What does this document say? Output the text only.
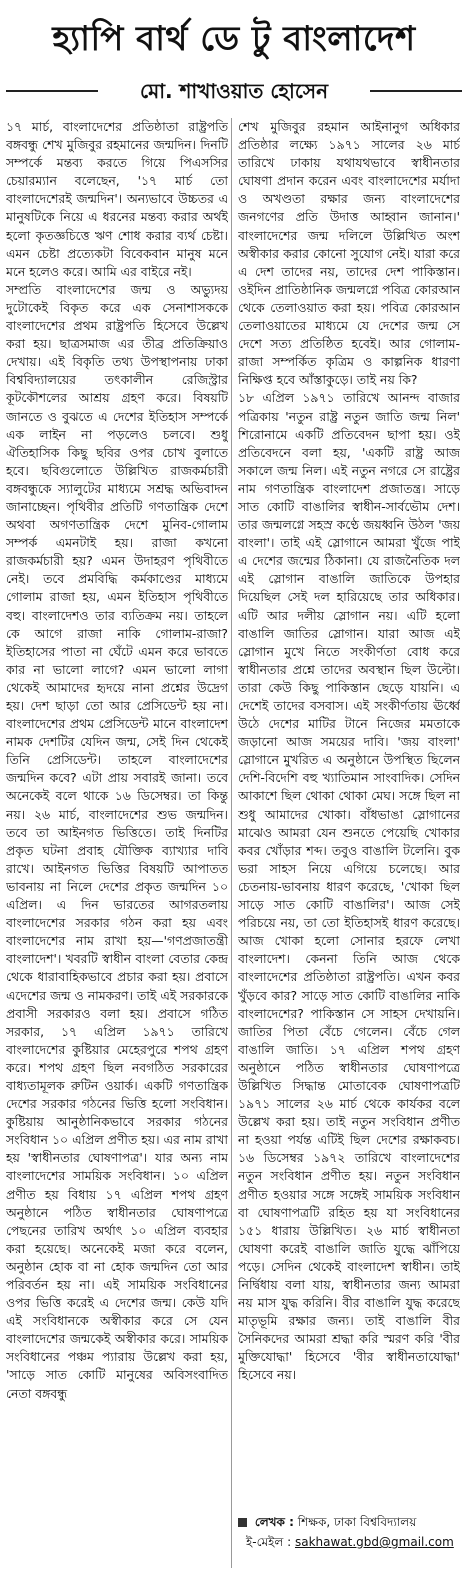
হ্যাপি বার্থ ডে টু বাংলাদেশ
মো. শাখাওয়াত হোসেন

১৭ মার্চ, বাংলাদেশের প্রতিষ্ঠাতা রাষ্ট্রপতি বঙ্গবন্ধু শেখ মুজিবুর রহমানের জন্মদিন। দিনটি সম্পর্কে মন্তব্য করতে গিয়ে পিএসসির চেয়ারম্যান বলেছেন, '১৭ মার্চ তো বাংলাদেশেরই জন্মদিন'। অন্যভাবে উচ্চতর এ মানুষটিকে নিয়ে এ ধরনের মন্তব্য করার অর্থই হলো কৃতজ্ঞচিত্তে ঋণ শোধ করার ব্যর্থ চেষ্টা। এমন চেষ্টা প্রত্যেকটা বিবেকবান মানুষ মনে মনে হলেও করে। আমি এর বাইরে নই।

সম্প্রতি বাংলাদেশের জন্ম ও অভ্যুদয় দুটোকেই বিকৃত করে এক সেনাশাসককে বাংলাদেশের প্রথম রাষ্ট্রপতি হিসেবে উল্লেখ করা হয়। ছাত্রসমাজ এর তীব্র প্রতিক্রিয়াও দেখায়। এই বিকৃতি তথ্য উপস্থাপনায় ঢাকা বিশ্ববিদ্যালয়ের তৎকালীন রেজিস্ট্রার কূটকৌশলের আশ্রয় গ্রহণ করে। বিষয়টি জানতে ও বুঝতে এ দেশের ইতিহাস সম্পর্কে এক লাইন না পড়লেও চলবে। শুধু ঐতিহাসিক কিছু ছবির ওপর চোখ বুলাতে হবে। ছবিগুলোতে উল্লিখিত রাজকর্মচারী বঙ্গবন্ধুকে স্যালুটের মাধ্যমে সশ্রদ্ধ অভিবাদন জানাচ্ছেন। পৃথিবীর প্রতিটি গণতান্ত্রিক দেশে অথবা অগণতান্ত্রিক দেশে মুনিব-গোলাম সম্পর্ক এমনটাই হয়। রাজা কখনো রাজকর্মচারী হয়? এমন উদাহরণ পৃথিবীতে নেই। তবে প্রমবিদ্ধি কর্মকাণ্ডের মাধ্যমে গোলাম রাজা হয়, এমন ইতিহাস পৃথিবীতে বহু। বাংলাদেশও তার ব্যতিক্রম নয়। তাহলে কে আগে রাজা নাকি গোলাম-রাজা? ইতিহাসের পাতা না ঘেঁটে এমন করে ভাবতে কার না ভালো লাগে? এমন ভালো লাগা থেকেই আমাদের হৃদয়ে নানা প্রশ্নের উদ্রেগ হয়। দেশ ছাড়া তো আর প্রেসিডেন্ট হয় না। বাংলাদেশের প্রথম প্রেসিডেন্ট মানে বাংলাদেশ নামক দেশটির যেদিন জন্ম, সেই দিন থেকেই তিনি প্রেসিডেন্ট। তাহলে বাংলাদেশের জন্মদিন কবে? এটা প্রায় সবারই জানা। তবে অনেকেই বলে থাকে ১৬ ডিসেম্বর। তা কিন্তু নয়। ২৬ মার্চ, বাংলাদেশের শুভ জন্মদিন। তবে তা আইনগত ভিত্তিতে। তাই দিনটির প্রকৃত ঘটনা প্রবাহ যৌক্তিক ব্যাখ্যার দাবি রাখে। আইনগত ভিত্তির বিষয়টি আপাতত ভাবনায় না নিলে দেশের প্রকৃত জন্মদিন ১০ এপ্রিল। এ দিন ভারতের আগরতলায় বাংলাদেশের সরকার গঠন করা হয় এবং বাংলাদেশের নাম রাখা হয়—'গণপ্রজাতন্ত্রী বাংলাদেশ'। খবরটি স্বাধীন বাংলা বেতার কেন্দ্র থেকে ধারাবাহিকভাবে প্রচার করা হয়। প্রবাসে এদেশের জন্ম ও নামকরণ। তাই এই সরকারকে প্রবাসী সরকারও বলা হয়। প্রবাসে গঠিত সরকার, ১৭ এপ্রিল ১৯৭১ তারিখে বাংলাদেশের কুষ্টিয়ার মেহেরপুরে শপথ গ্রহণ করে। শপথ গ্রহণ ছিল নবগঠিত সরকারের বাধ্যতামূলক রুটিন ওয়ার্ক। একটি গণতান্ত্রিক দেশের সরকার গঠনের ভিত্তি হলো সংবিধান। কুষ্টিয়ায় আনুষ্ঠানিকভাবে সরকার গঠনের সংবিধান ১০ এপ্রিল প্রণীত হয়। এর নাম রাখা হয় 'স্বাধীনতার ঘোষণাপত্র'। যার অন্য নাম বাংলাদেশের সাময়িক সংবিধান। ১০ এপ্রিল প্রণীত হয় বিধায় ১৭ এপ্রিল শপথ গ্রহণ অনুষ্ঠানে পঠিত স্বাধীনতার ঘোষণাপত্রে পেছনের তারিখ অর্থাৎ ১০ এপ্রিল ব্যবহার করা হয়েছে। অনেকেই মজা করে বলেন, অনুষ্ঠান হোক বা না হোক জন্মদিন তো আর পরিবর্তন হয় না। এই সাময়িক সংবিধানের ওপর ভিত্তি করেই এ দেশের জন্ম। কেউ যদি এই সংবিধানকে অস্বীকার করে সে যেন বাংলাদেশের জন্মকেই অস্বীকার করে। সাময়িক সংবিধানের পঞ্চম প্যারায় উল্লেখ করা হয়, 'সাড়ে সাত কোটি মানুষের অবিসংবাদিত নেতা বঙ্গবন্ধু

শেখ মুজিবুর রহমান আইনানুগ অধিকার প্রতিষ্ঠার লক্ষ্যে ১৯৭১ সালের ২৬ মার্চ তারিখে ঢাকায় যথাযথভাবে স্বাধীনতার ঘোষণা প্রদান করেন এবং বাংলাদেশের মর্যাদা ও অখণ্ডতা রক্ষার জন্য বাংলাদেশের জনগণের প্রতি উদাত্ত আহ্বান জানান।' বাংলাদেশের জন্ম দলিলে উল্লিখিত অংশ অস্বীকার করার কোনো সুযোগ নেই। যারা করে এ দেশ তাদের নয়, তাদের দেশ পাকিস্তান। ওইদিন প্রাতিষ্ঠানিক জন্মলগ্নে পবিত্র কোরআন থেকে তেলাওয়াত করা হয়। পবিত্র কোরআন তেলাওয়াতের মাধ্যমে যে দেশের জন্ম সে দেশে সত্য প্রতিষ্ঠিত হবেই। আর গোলাম-রাজা সম্পর্কিত কৃত্রিম ও কাল্পনিক ধারণা নিক্ষিপ্ত হবে আঁস্তাকুড়ে। তাই নয় কি?

১৮ এপ্রিল ১৯৭১ তারিখে আনন্দ বাজার পত্রিকায় 'নতুন রাষ্ট্র নতুন জাতি জন্ম নিল' শিরোনামে একটি প্রতিবেদন ছাপা হয়। ওই প্রতিবেদনে বলা হয়, 'একটি রাষ্ট্র আজ সকালে জন্ম নিল। এই নতুন নগরে সে রাষ্ট্রের নাম গণতান্ত্রিক বাংলাদেশ প্রজাতন্ত্র। সাড়ে সাত কোটি বাঙালির স্বাধীন-সার্বভৌম দেশ। তার জন্মলগ্নে সহস্র কণ্ঠে জয়ধ্বনি উঠল 'জয় বাংলা'। তাই এই স্লোগানে আমরা খুঁজে পাই এ দেশের জন্মের ঠিকানা। যে রাজনৈতিক দল এই স্লোগান বাঙালি জাতিকে উপহার দিয়েছিল সেই দল হারিয়েছে তার অধিকার। এটি আর দলীয় স্লোগান নয়। এটি হলো বাঙালি জাতির স্লোগান। যারা আজ এই স্লোগান মুখে নিতে সংকীর্ণতা বোধ করে স্বাধীনতার প্রশ্নে তাদের অবস্থান ছিল উল্টো। তারা কেউ কিছু পাকিস্তান ছেড়ে যায়নি। এ দেশেই তাদের বসবাস। এই সংকীর্ণতায় ঊর্ধ্বে উঠে দেশের মাটির টানে নিজের মমতাকে জড়ানো আজ সময়ের দাবি। 'জয় বাংলা' স্লোগানে মুখরিত এ অনুষ্ঠানে উপস্থিত ছিলেন দেশি-বিদেশি বহু খ্যাতিমান সাংবাদিক। সেদিন আকাশে ছিল থোকা থোকা মেঘ। সঙ্গে ছিল না শুধু আমাদের খোকা। বাঁধভাঙা স্লোগানের মাঝেও আমরা যেন শুনতে পেয়েছি খোকার কবর খোঁড়ার শব্দ। তবুও বাঙালি টলেনি। বুক ভরা সাহস নিয়ে এগিয়ে চলেছে। আর চেতনায়-ভাবনায় ধারণ করেছে, 'খোকা ছিল সাড়ে সাত কোটি বাঙালির'। আজ সেই পরিচয়ে নয়, তা তো ইতিহাসই ধারণ করেছে। আজ খোকা হলো সোনার হরফে লেখা বাংলাদেশ। কেননা তিনি আজ থেকে বাংলাদেশের প্রতিষ্ঠাতা রাষ্ট্রপতি। এখন কবর খুঁড়বে কার? সাড়ে সাত কোটি বাঙালির নাকি বাংলাদেশের? পাকিস্তান সে সাহস দেখায়নি। জাতির পিতা বেঁচে গেলেন। বেঁচে গেল বাঙালি জাতি। ১৭ এপ্রিল শপথ গ্রহণ অনুষ্ঠানে পঠিত স্বাধীনতার ঘোষণাপত্রে উল্লিখিত সিদ্ধান্ত মোতাবেক ঘোষণাপত্রটি ১৯৭১ সালের ২৬ মার্চ থেকে কার্যকর বলে উল্লেখ করা হয়। তাই নতুন সংবিধান প্রণীত না হওয়া পর্যন্ত এটিই ছিল দেশের রক্ষাকবচ। ১৬ ডিসেম্বর ১৯৭২ তারিখে বাংলাদেশের নতুন সংবিধান প্রণীত হয়। নতুন সংবিধান প্রণীত হওয়ার সঙ্গে সঙ্গেই সাময়িক সংবিধান বা ঘোষণাপত্রটি রহিত হয় যা সংবিধানের ১৫১ ধারায় উল্লিখিত। ২৬ মার্চ স্বাধীনতা ঘোষণা করেই বাঙালি জাতি যুদ্ধে ঝাঁপিয়ে পড়ে। সেদিন থেকেই বাংলাদেশ স্বাধীন। তাই নির্দ্বিধায় বলা যায়, স্বাধীনতার জন্য আমরা নয় মাস যুদ্ধ করিনি। বীর বাঙালি যুদ্ধ করেছে মাতৃভূমি রক্ষার জন্য। তাই বাঙালি বীর সৈনিকদের আমরা শ্রদ্ধা করি স্মরণ করি 'বীর মুক্তিযোদ্ধা' হিসেবে 'বীর স্বাধীনতাযোদ্ধা' হিসেবে নয়।

লেখক : শিক্ষক, ঢাকা বিশ্ববিদ্যালয়
ই-মেইল : sakhawat.gbd@gmail.com
